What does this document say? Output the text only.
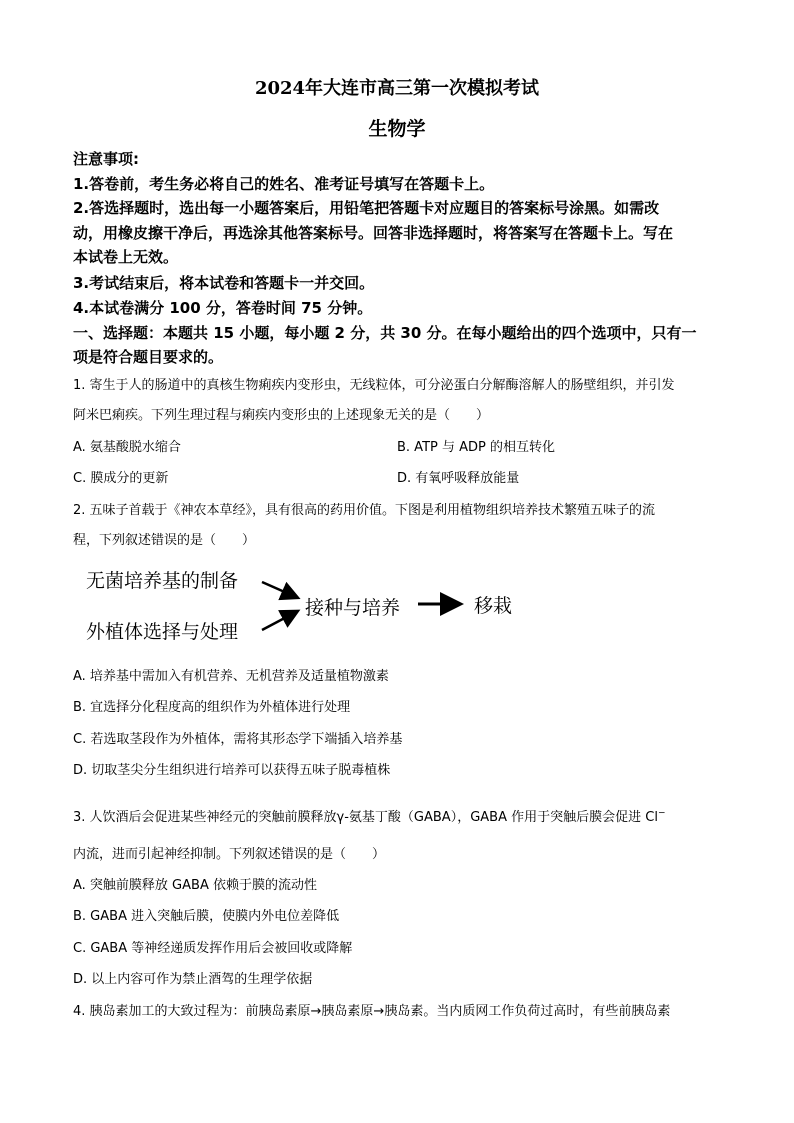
2024年大连市高三第一次模拟考试
生物学
注意事项:
1.答卷前，考生务必将自己的姓名、准考证号填写在答题卡上。
2.答选择题时，选出每一小题答案后，用铅笔把答题卡对应题目的答案标号涂黑。如需改
动，用橡皮擦干净后，再选涂其他答案标号。回答非选择题时，将答案写在答题卡上。写在
本试卷上无效。
3.考试结束后，将本试卷和答题卡一并交回。
4.本试卷满分 100 分，答卷时间 75 分钟。
一、选择题：本题共 15 小题，每小题 2 分，共 30 分。在每小题给出的四个选项中，只有一
项是符合题目要求的。
1. 寄生于人的肠道中的真核生物痢疾内变形虫，无线粒体，可分泌蛋白分解酶溶解人的肠壁组织，并引发
阿米巴痢疾。下列生理过程与痢疾内变形虫的上述现象无关的是（　　）
A. 氨基酸脱水缩合	B. ATP 与 ADP 的相互转化
C. 膜成分的更新	D. 有氧呼吸释放能量
2. 五味子首载于《神农本草经》，具有很高的药用价值。下图是利用植物组织培养技术繁殖五味子的流
程，下列叙述错误的是（　　）
无菌培养基的制备
外植体选择与处理
接种与培养	移栽
A. 培养基中需加入有机营养、无机营养及适量植物激素
B. 宜选择分化程度高的组织作为外植体进行处理
C. 若选取茎段作为外植体，需将其形态学下端插入培养基
D. 切取茎尖分生组织进行培养可以获得五味子脱毒植株
3. 人饮酒后会促进某些神经元的突触前膜释放γ-氨基丁酸（GABA），GABA 作用于突触后膜会促进 Cl−
内流，进而引起神经抑制。下列叙述错误的是（　　）
A. 突触前膜释放 GABA 依赖于膜的流动性
B. GABA 进入突触后膜，使膜内外电位差降低
C. GABA 等神经递质发挥作用后会被回收或降解
D. 以上内容可作为禁止酒驾的生理学依据
4. 胰岛素加工的大致过程为：前胰岛素原→胰岛素原→胰岛素。当内质网工作负荷过高时，有些前胰岛素
